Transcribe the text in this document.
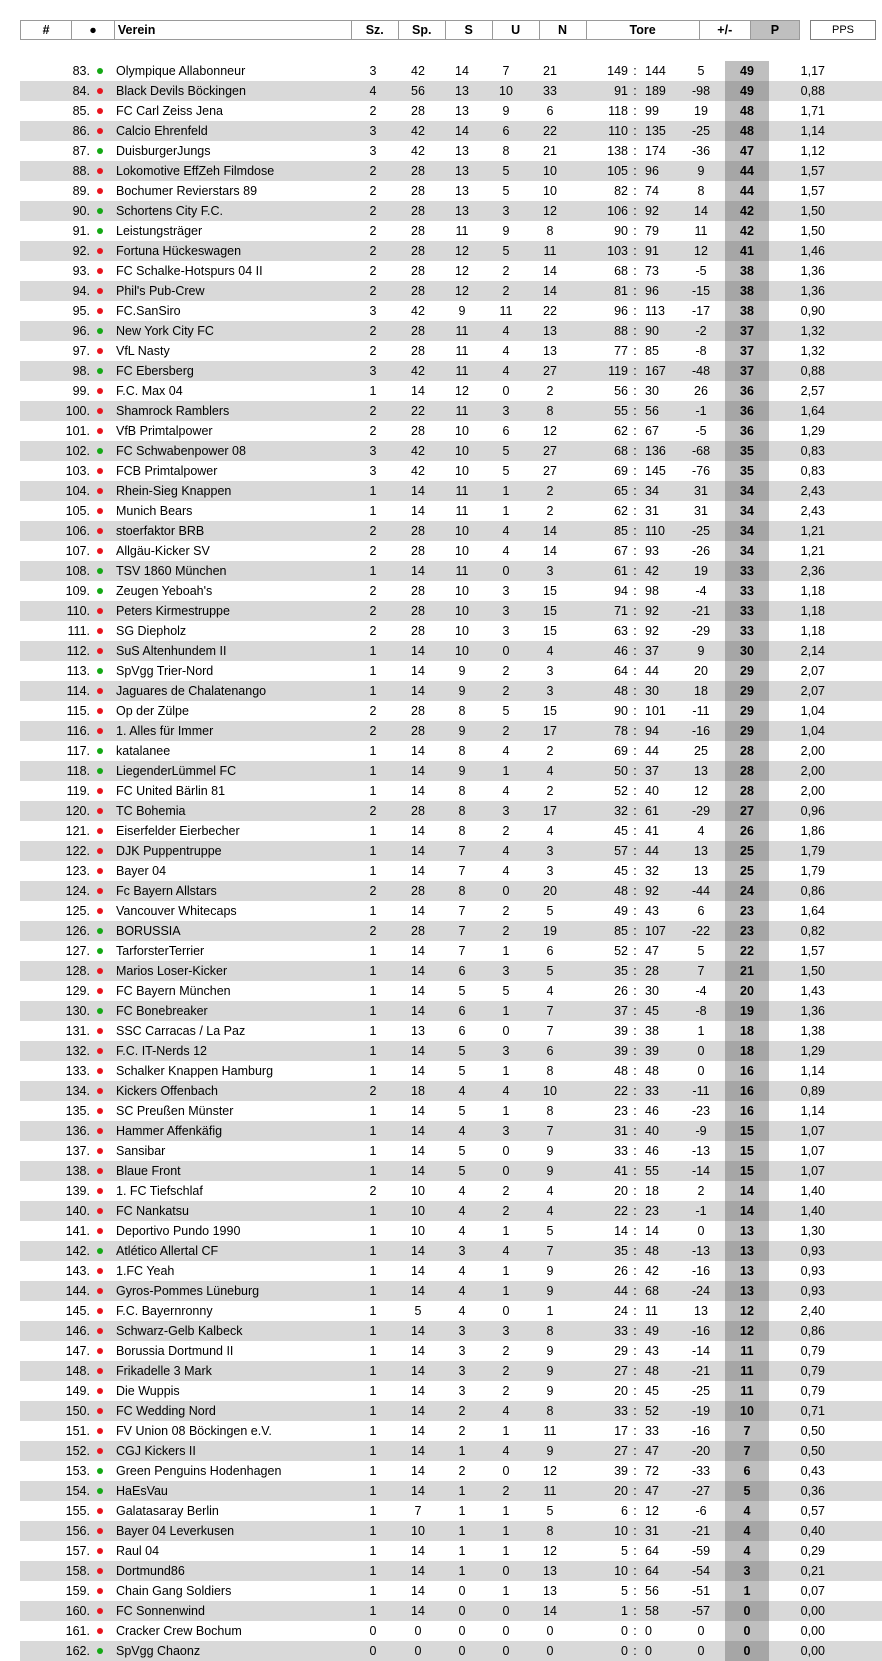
#	●	Verein	Sz.	Sp.	S	U	N	Tore	+/-	P	PPS
83. Olympique Allabonneur	3	42	14	7	21	149 : 144	5	49	1,17
84. Black Devils Böckingen	4	56	13	10	33	91 : 189	-98	49	0,88
85. FC Carl Zeiss Jena	2	28	13	9	6	118 : 99	19	48	1,71
86. Calcio Ehrenfeld	3	42	14	6	22	110 : 135	-25	48	1,14
87. DuisburgerJungs	3	42	13	8	21	138 : 174	-36	47	1,12
88. Lokomotive EffZeh Filmdose	2	28	13	5	10	105 : 96	9	44	1,57
89. Bochumer Revierstars 89	2	28	13	5	10	82 : 74	8	44	1,57
90. Schortens City F.C.	2	28	13	3	12	106 : 92	14	42	1,50
91. Leistungsträger	2	28	11	9	8	90 : 79	11	42	1,50
92. Fortuna Hückeswagen	2	28	12	5	11	103 : 91	12	41	1,46
93. FC Schalke-Hotspurs 04 II	2	28	12	2	14	68 : 73	-5	38	1,36
94. Phil's Pub-Crew	2	28	12	2	14	81 : 96	-15	38	1,36
95. FC.SanSiro	3	42	9	11	22	96 : 113	-17	38	0,90
96. New York City FC	2	28	11	4	13	88 : 90	-2	37	1,32
97. VfL Nasty	2	28	11	4	13	77 : 85	-8	37	1,32
98. FC Ebersberg	3	42	11	4	27	119 : 167	-48	37	0,88
99. F.C. Max 04	1	14	12	0	2	56 : 30	26	36	2,57
100. Shamrock Ramblers	2	22	11	3	8	55 : 56	-1	36	1,64
101. VfB Primtalpower	2	28	10	6	12	62 : 67	-5	36	1,29
102. FC Schwabenpower 08	3	42	10	5	27	68 : 136	-68	35	0,83
103. FCB Primtalpower	3	42	10	5	27	69 : 145	-76	35	0,83
104. Rhein-Sieg Knappen	1	14	11	1	2	65 : 34	31	34	2,43
105. Munich Bears	1	14	11	1	2	62 : 31	31	34	2,43
106. stoerfaktor BRB	2	28	10	4	14	85 : 110	-25	34	1,21
107. Allgäu-Kicker SV	2	28	10	4	14	67 : 93	-26	34	1,21
108. TSV 1860 München	1	14	11	0	3	61 : 42	19	33	2,36
109. Zeugen Yeboah's	2	28	10	3	15	94 : 98	-4	33	1,18
110. Peters Kirmestruppe	2	28	10	3	15	71 : 92	-21	33	1,18
111. SG Diepholz	2	28	10	3	15	63 : 92	-29	33	1,18
112. SuS Altenhundem II	1	14	10	0	4	46 : 37	9	30	2,14
113. SpVgg Trier-Nord	1	14	9	2	3	64 : 44	20	29	2,07
114. Jaguares de Chalatenango	1	14	9	2	3	48 : 30	18	29	2,07
115. Op der Zülpe	2	28	8	5	15	90 : 101	-11	29	1,04
116. 1. Alles für Immer	2	28	9	2	17	78 : 94	-16	29	1,04
117. katalanee	1	14	8	4	2	69 : 44	25	28	2,00
118. LiegenderLümmel FC	1	14	9	1	4	50 : 37	13	28	2,00
119. FC United Bärlin 81	1	14	8	4	2	52 : 40	12	28	2,00
120. TC Bohemia	2	28	8	3	17	32 : 61	-29	27	0,96
121. Eiserfelder Eierbecher	1	14	8	2	4	45 : 41	4	26	1,86
122. DJK Puppentruppe	1	14	7	4	3	57 : 44	13	25	1,79
123. Bayer 04	1	14	7	4	3	45 : 32	13	25	1,79
124. Fc Bayern Allstars	2	28	8	0	20	48 : 92	-44	24	0,86
125. Vancouver Whitecaps	1	14	7	2	5	49 : 43	6	23	1,64
126. BORUSSIA	2	28	7	2	19	85 : 107	-22	23	0,82
127. TarforsterTerrier	1	14	7	1	6	52 : 47	5	22	1,57
128. Marios Loser-Kicker	1	14	6	3	5	35 : 28	7	21	1,50
129. FC Bayern München	1	14	5	5	4	26 : 30	-4	20	1,43
130. FC Bonebreaker	1	14	6	1	7	37 : 45	-8	19	1,36
131. SSC Carracas / La Paz	1	13	6	0	7	39 : 38	1	18	1,38
132. F.C. IT-Nerds 12	1	14	5	3	6	39 : 39	0	18	1,29
133. Schalker Knappen Hamburg	1	14	5	1	8	48 : 48	0	16	1,14
134. Kickers Offenbach	2	18	4	4	10	22 : 33	-11	16	0,89
135. SC Preußen Münster	1	14	5	1	8	23 : 46	-23	16	1,14
136. Hammer Affenkäfig	1	14	4	3	7	31 : 40	-9	15	1,07
137. Sansibar	1	14	5	0	9	33 : 46	-13	15	1,07
138. Blaue Front	1	14	5	0	9	41 : 55	-14	15	1,07
139. 1. FC Tiefschlaf	2	10	4	2	4	20 : 18	2	14	1,40
140. FC Nankatsu	1	10	4	2	4	22 : 23	-1	14	1,40
141. Deportivo Pundo 1990	1	10	4	1	5	14 : 14	0	13	1,30
142. Atlético Allertal CF	1	14	3	4	7	35 : 48	-13	13	0,93
143. 1.FC Yeah	1	14	4	1	9	26 : 42	-16	13	0,93
144. Gyros-Pommes Lüneburg	1	14	4	1	9	44 : 68	-24	13	0,93
145. F.C. Bayernronny	1	5	4	0	1	24 : 11	13	12	2,40
146. Schwarz-Gelb Kalbeck	1	14	3	3	8	33 : 49	-16	12	0,86
147. Borussia Dortmund II	1	14	3	2	9	29 : 43	-14	11	0,79
148. Frikadelle 3 Mark	1	14	3	2	9	27 : 48	-21	11	0,79
149. Die Wuppis	1	14	3	2	9	20 : 45	-25	11	0,79
150. FC Wedding Nord	1	14	2	4	8	33 : 52	-19	10	0,71
151. FV Union 08 Böckingen e.V.	1	14	2	1	11	17 : 33	-16	7	0,50
152. CGJ Kickers II	1	14	1	4	9	27 : 47	-20	7	0,50
153. Green Penguins Hodenhagen	1	14	2	0	12	39 : 72	-33	6	0,43
154. HaEsVau	1	14	1	2	11	20 : 47	-27	5	0,36
155. Galatasaray Berlin	1	7	1	1	5	6 : 12	-6	4	0,57
156. Bayer 04 Leverkusen	1	10	1	1	8	10 : 31	-21	4	0,40
157. Raul 04	1	14	1	1	12	5 : 64	-59	4	0,29
158. Dortmund86	1	14	1	0	13	10 : 64	-54	3	0,21
159. Chain Gang Soldiers	1	14	0	1	13	5 : 56	-51	1	0,07
160. FC Sonnenwind	1	14	0	0	14	1 : 58	-57	0	0,00
161. Cracker Crew Bochum	0	0	0	0	0	0 : 0	0	0	0,00
162. SpVgg Chaonz	0	0	0	0	0	0 : 0	0	0	0,00
